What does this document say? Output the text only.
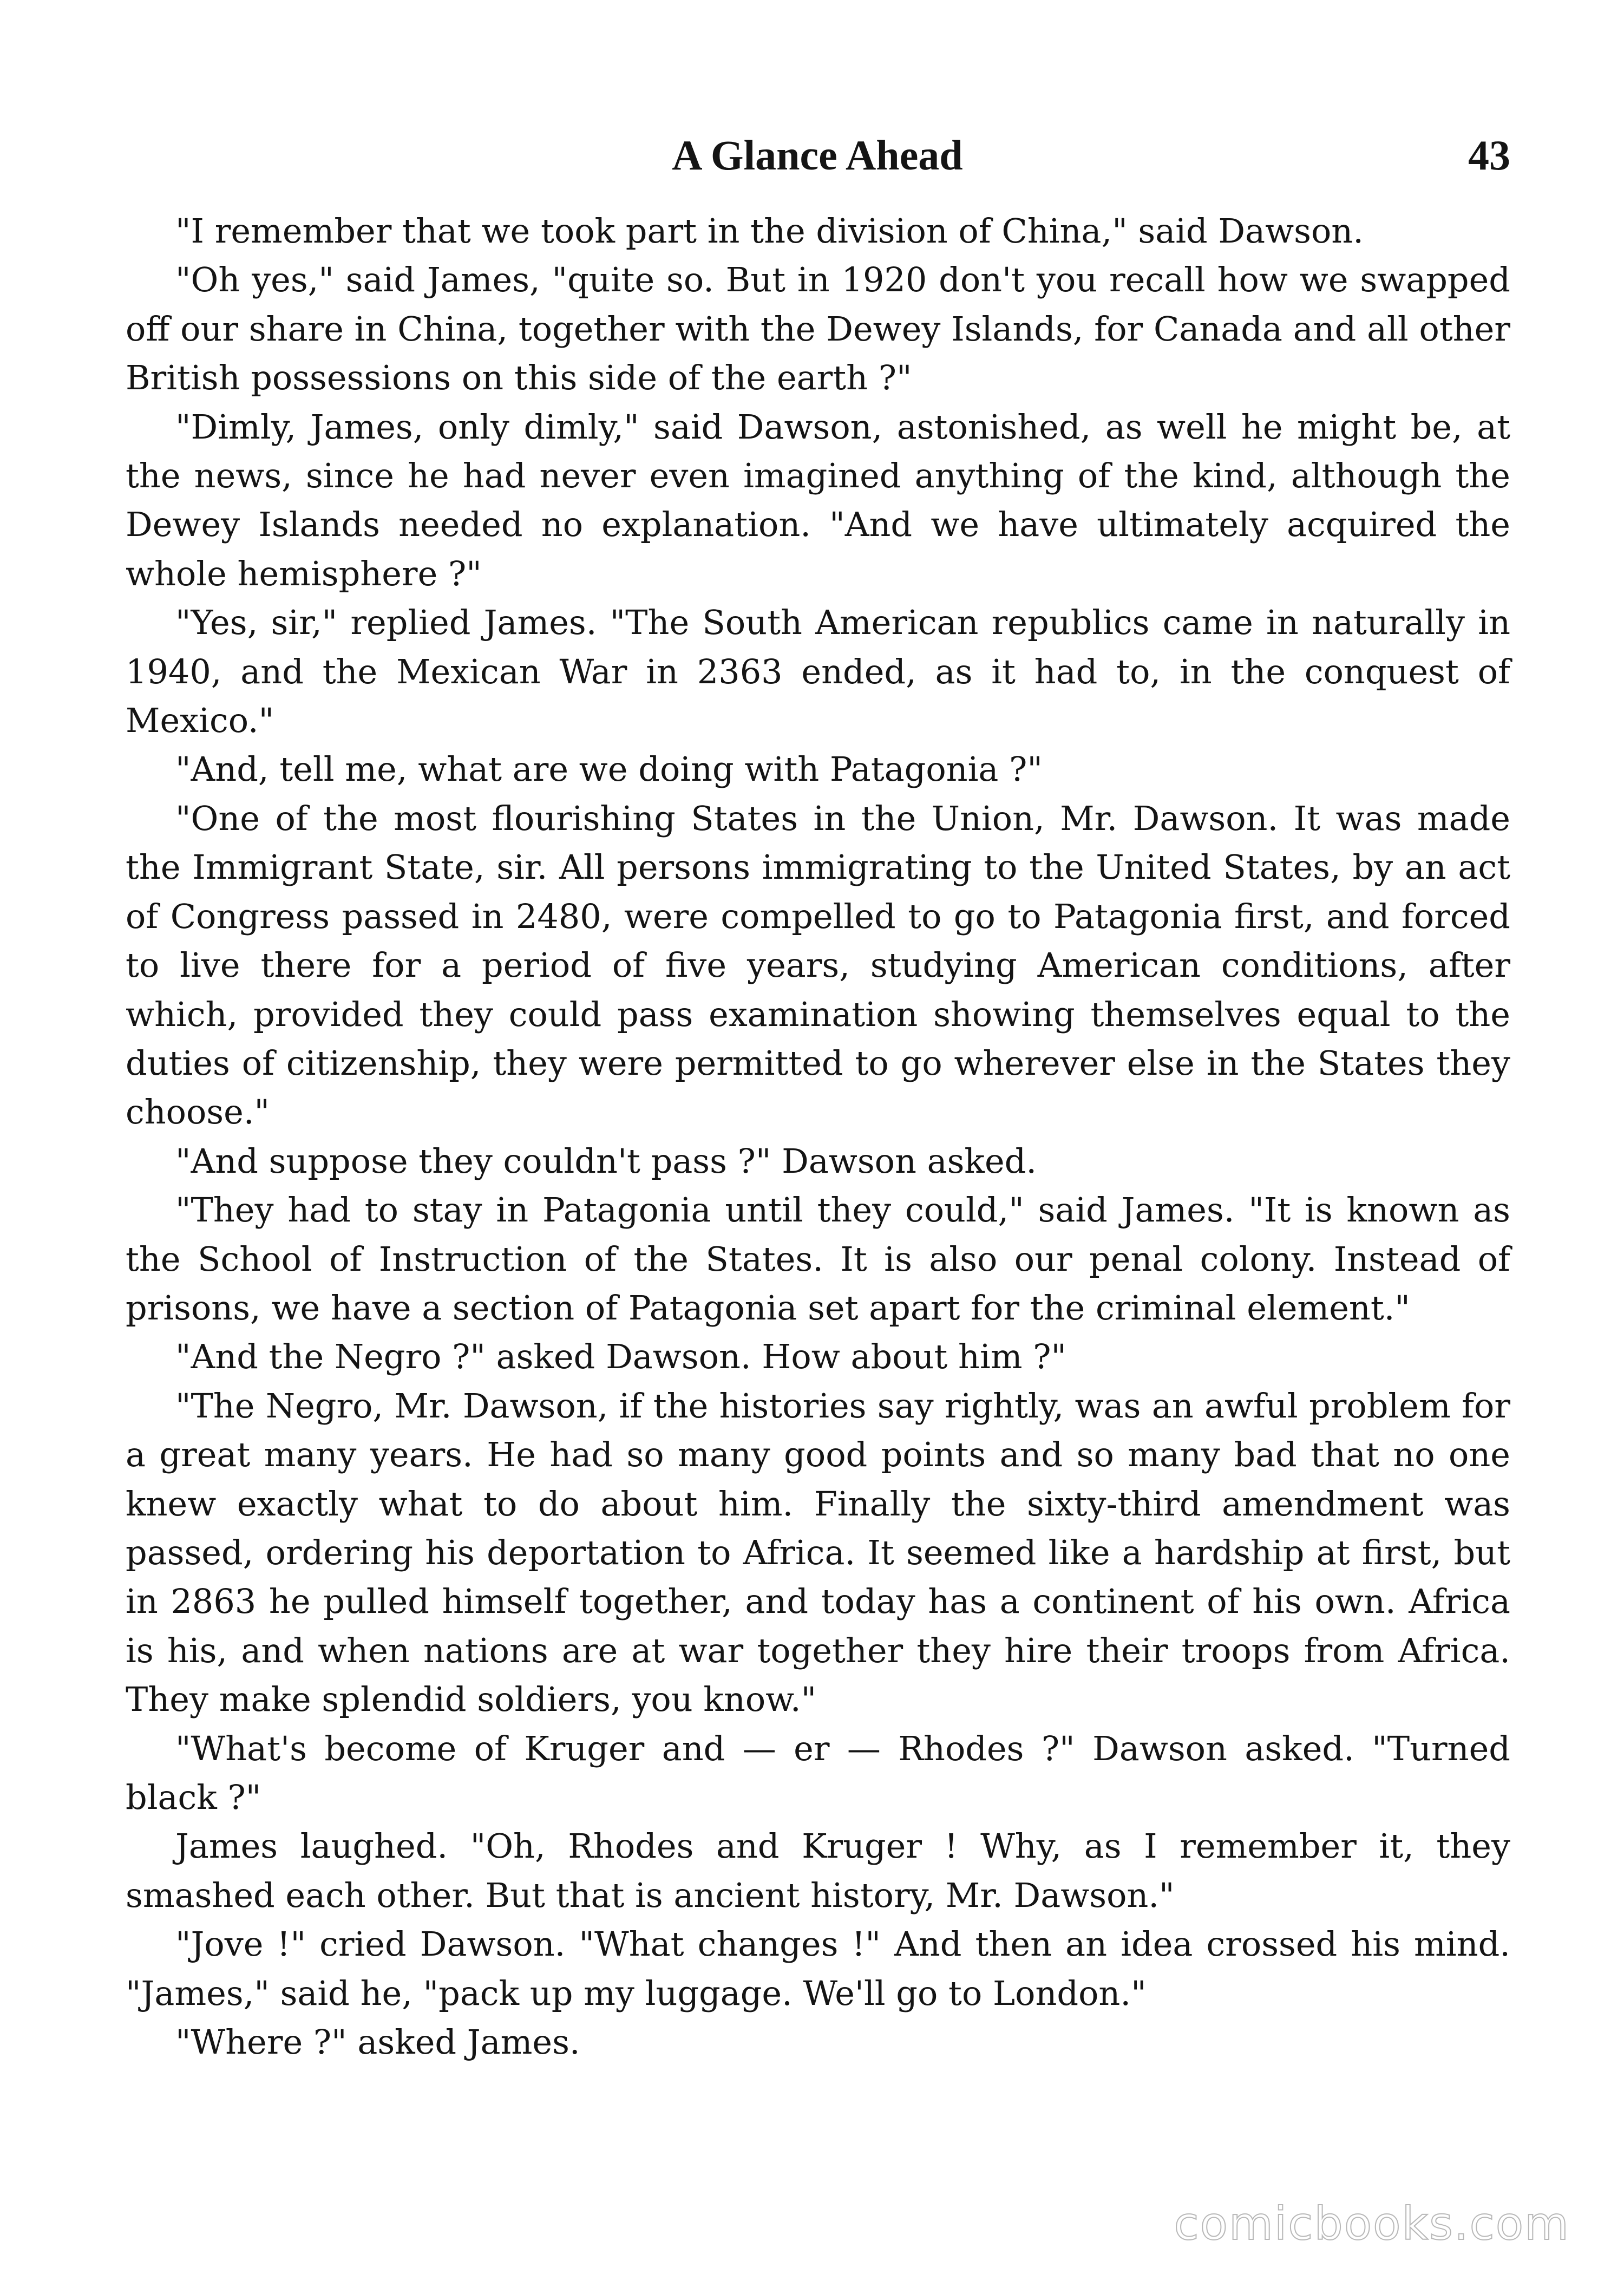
A Glance Ahead	43

"I remember that we took part in the division of China," said Dawson.

"Oh yes," said James, "quite so. But in 1920 don't you recall how we swapped off our share in China, together with the Dewey Islands, for Canada and all other British possessions on this side of the earth ?"

"Dimly, James, only dimly," said Dawson, astonished, as well he might be, at the news, since he had never even imagined anything of the kind, although the Dewey Islands needed no explanation. "And we have ultimately acquired the whole hemisphere ?"

"Yes, sir," replied James. "The South American republics came in naturally in 1940, and the Mexican War in 2363 ended, as it had to, in the conquest of Mexico."

"And, tell me, what are we doing with Patagonia ?"

"One of the most flourishing States in the Union, Mr. Dawson. It was made the Immigrant State, sir. All persons immigrating to the United States, by an act of Congress passed in 2480, were compelled to go to Patagonia first, and forced to live there for a period of five years, studying American conditions, after which, provided they could pass examination showing themselves equal to the duties of citizenship, they were permitted to go wherever else in the States they choose."

"And suppose they couldn't pass ?" Dawson asked.

"They had to stay in Patagonia until they could," said James. "It is known as the School of Instruction of the States. It is also our penal colony. Instead of prisons, we have a section of Patagonia set apart for the criminal element."

"And the Negro ?" asked Dawson. How about him ?"

"The Negro, Mr. Dawson, if the histories say rightly, was an awful problem for a great many years. He had so many good points and so many bad that no one knew exactly what to do about him. Finally the sixty-third amendment was passed, ordering his deportation to Africa. It seemed like a hardship at first, but in 2863 he pulled himself together, and today has a continent of his own. Africa is his, and when nations are at war together they hire their troops from Africa. They make splendid soldiers, you know."

"What's become of Kruger and — er — Rhodes ?" Dawson asked. "Turned black ?"

James laughed. "Oh, Rhodes and Kruger ! Why, as I remember it, they smashed each other. But that is ancient history, Mr. Dawson."

"Jove !" cried Dawson. "What changes !" And then an idea crossed his mind. "James," said he, "pack up my luggage. We'll go to London."

"Where ?" asked James.

comicbooks.com
